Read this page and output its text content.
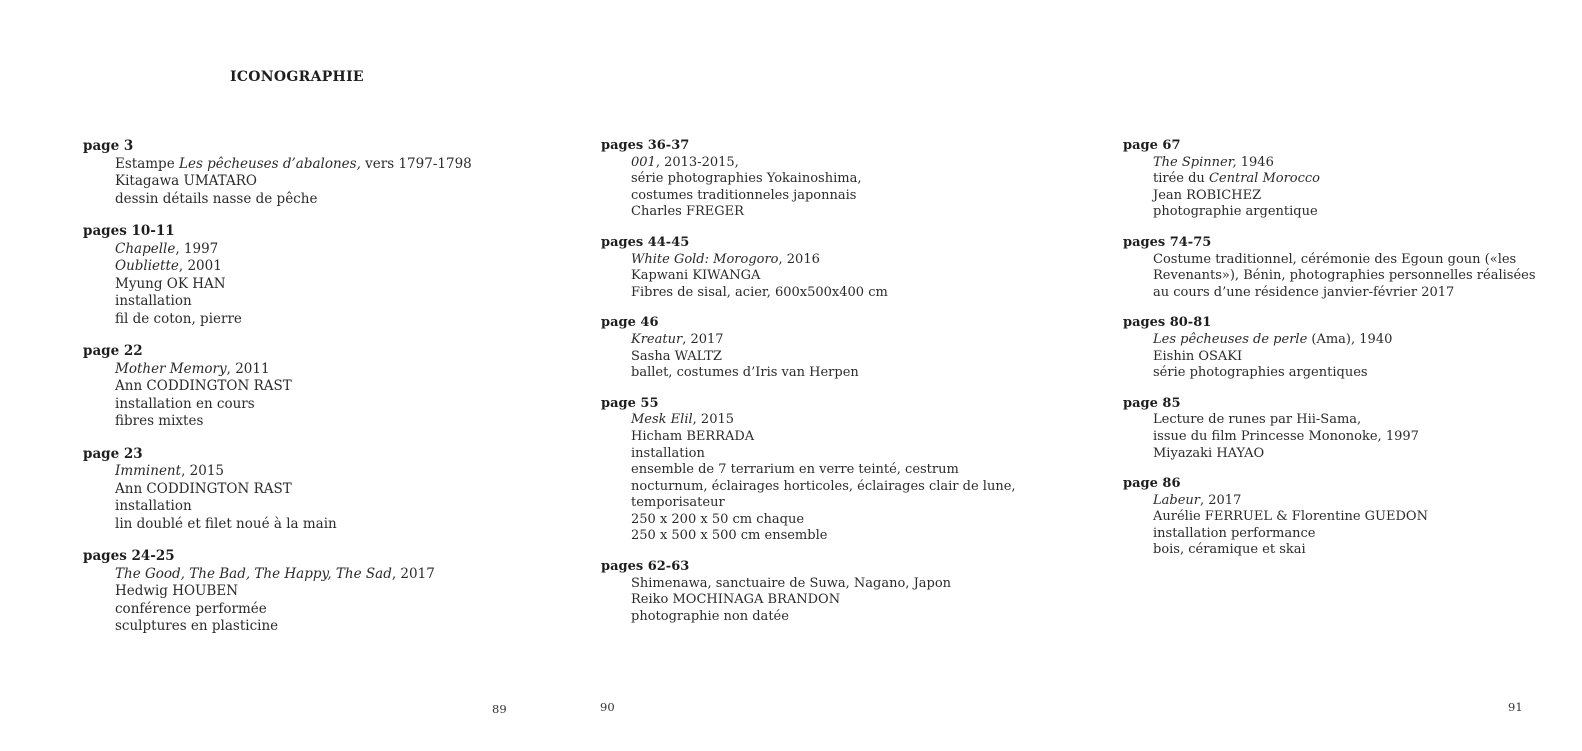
ICONOGRAPHIE
page 3
Estampe Les pêcheuses d’abalones, vers 1797-1798
Kitagawa UMATARO
dessin détails nasse de pêche
pages 10-11
Chapelle, 1997
Oubliette, 2001
Myung OK HAN
installation
fil de coton, pierre
page 22
Mother Memory, 2011
Ann CODDINGTON RAST
installation en cours
fibres mixtes
page 23
Imminent, 2015
Ann CODDINGTON RAST
installation
lin doublé et filet noué à la main
pages 24-25
The Good, The Bad, The Happy, The Sad, 2017
Hedwig HOUBEN
conférence performée
sculptures en plasticine
pages 36-37
001, 2013-2015,
série photographies Yokainoshima,
costumes traditionneles japonnais
Charles FREGER
pages 44-45
White Gold: Morogoro, 2016
Kapwani KIWANGA
Fibres de sisal, acier, 600x500x400 cm
page 46
Kreatur, 2017
Sasha WALTZ
ballet, costumes d’Iris van Herpen
page 55
Mesk Elil, 2015
Hicham BERRADA
installation
ensemble de 7 terrarium en verre teinté, cestrum
nocturnum, éclairages horticoles, éclairages clair de lune,
temporisateur
250 x 200 x 50 cm chaque
250 x 500 x 500 cm ensemble
pages 62-63
Shimenawa, sanctuaire de Suwa, Nagano, Japon
Reiko MOCHINAGA BRANDON
photographie non datée
page 67
The Spinner, 1946
tirée du Central Morocco
Jean ROBICHEZ
photographie argentique
pages 74-75
Costume traditionnel, cérémonie des Egoun goun («les
Revenants»), Bénin, photographies personnelles réalisées
au cours d’une résidence janvier-février 2017
pages 80-81
Les pêcheuses de perle (Ama), 1940
Eishin OSAKI
série photographies argentiques
page 85
Lecture de runes par Hii-Sama,
issue du film Princesse Mononoke, 1997
Miyazaki HAYAO
page 86
Labeur, 2017
Aurélie FERRUEL & Florentine GUEDON
installation performance
bois, céramique et skai
89	90	91
